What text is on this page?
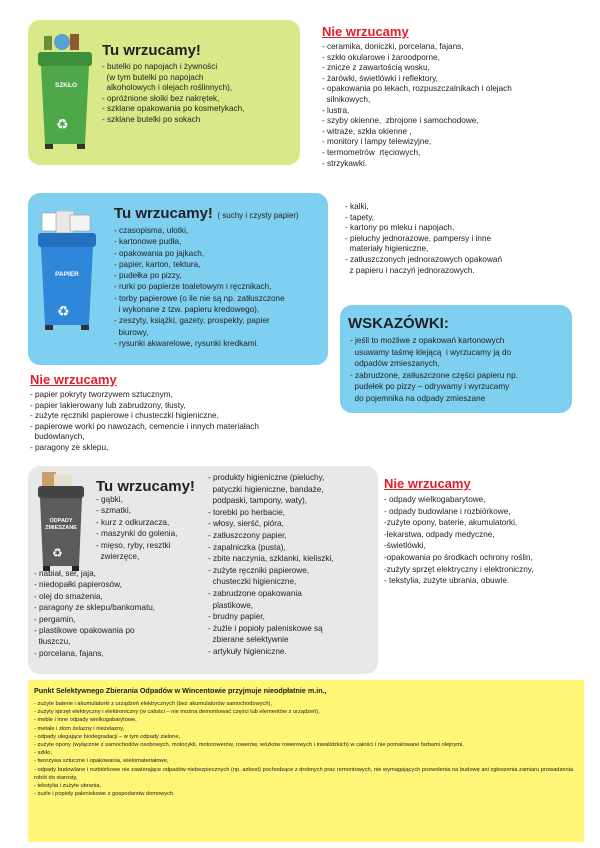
SZKŁO
♻
Tu wrzucamy!
- butelki po napojach i żywności
(w tym butelki po napojach
alkoholowych i olejach roślinnych),
- opróżnione słoiki bez nakrętek,
- szklane opakowania po kosmetykach,
- szklane butelki po sokach
Nie wrzucamy
- ceramika, doniczki, porcelana, fajans,
- szkło okularowe i żaroodporne,
- znicze z zawartością wosku,
- żarówki, świetlówki i reflektory,
- opakowania po lekach, rozpuszczalnikach i olejach
silnikowych,
- lustra,
- szyby okienne,  zbrojone i samochodowe,
- witraże, szkła okienne ,
- monitory i lampy telewizyjne,
- termometrów  rtęciowych,
- strzykawki.
PAPIER
♻
Tu wrzucamy! ( suchy i czysty papier)
- czasopisma, ulotki,
- kartonowe pudła,
- opakowania po jajkach,
- papier, karton, tektura,
- pudełka po pizzy,
- rurki po papierze toaletowym i ręcznikach,
- torby papierowe (o ile nie są np. zatłuszczone
i wykonane z tzw. papieru kredowego),
- zeszyty, książki, gazety, prospekty, papier
biurowy,
- rysunki akwarelowe, rysunki kredkami.
- kalki,
- tapety,
- kartony po mleku i napojach,
- pieluchy jednorazowe, pampersy i inne
materiały higieniczne,
- zatłuszczonych jednorazowych opakowań
z papieru i naczyń jednorazowych.
WSKAZÓWKI:
- jeśli to możliwe z opakowań kartonowych
usuwamy taśmę klejącą  i wyrzucamy ją do
odpadów zmieszanych,
- zabrudzone, zatłuszczone części papieru np.
pudełek po pizzy – odrywamy i wyrzucamy
do pojemnika na odpady zmieszane
Nie wrzucamy
- papier pokryty tworzywem sztucznym,
- papier lakierowany lub zabrudzony, tłusty,
- zużyte ręczniki papierowe i chusteczki higieniczne,
- papierowe worki po nawozach, cemencie i innych materiałach
budowlanych,
- paragony ze sklepu,
ODPADY ZMIESZANE
♻
Tu wrzucamy!
- gąbki,
- szmatki,
- kurz z odkurzacza,
- maszynki do golenia,
- mięso, ryby, resztki
zwierzęce,
- nabiał, ser, jaja,
- niedopałki papierosów,
- olej do smażenia,
- paragony ze sklepu/bankomatu,
- pergamin,
- plastikowe opakowania po
tłuszczu,
- porcelana, fajans,
- produkty higieniczne (pieluchy,
patyczki higieniczne, bandaże,
podpaski, tampony, waty),
- torebki po herbacie,
- włosy, sierść, pióra,
- zatłuszczony papier,
- zapalniczka (pusta),
- zbite naczynia, szklanki, kieliszki,
- zużyte ręczniki papierowe,
chusteczki higieniczne,
- zabrudzone opakowania
plastikowe,
- brudny papier,
- żużle i popioły paleniskowe są
zbierane selektywnie
- artykuły higieniczne.
Nie wrzucamy
- odpady wielkogabarytowe,
- odpady budowlane i rozbiórkowe,
-zużyte opony, baterie, akumulatorki,
-lekarstwa, odpady medyczne,
-świetlówki,
-opakowania po środkach ochrony roślin,
-zużyty sprzęt elektryczny i elektroniczny,
- tekstylia, zużyte ubrania, obuwie.
Punkt Selektywnego Zbierania Odpadów w Wincentowie przyjmuje nieodpłatnie m.in.,
- zużyte baterie i akumulatorki z urządzeń elektrycznych (bez akumulatorów samochodowych),
- zużyty sprzęt elektryczny i elektroniczny (w całości – nie można demontować części lub elementów z urządzeń),
- meble i inne odpady wielkogabarytowe,
- metale i złom żelazny i nieżelazny,
- odpady ulegające biodegradacji – w tym odpady zielone,
- zużyte opony (wyłącznie z samochodów osobowych, motocykli, motorowerów, rowerów, wózków rowerowych i inwalidzkich) w całości i nie pomalowane farbami olejnymi,
- szkło,
- tworzywa sztuczne i opakowania, wielomateriałowe,
- odpady budowlane i rozbiórkowe nie zawierające odpadów niebezpiecznych (np. azbest) pochodzące z drobnych prac remontowych, nie wymagających pozwolenia na budowę ani zgłoszenia zamiaru prowadzenia robót do starosty,
- tekstylia i zużyte ubrania,
- żużle i popioły paleniskowe z gospodarstw domowych.
